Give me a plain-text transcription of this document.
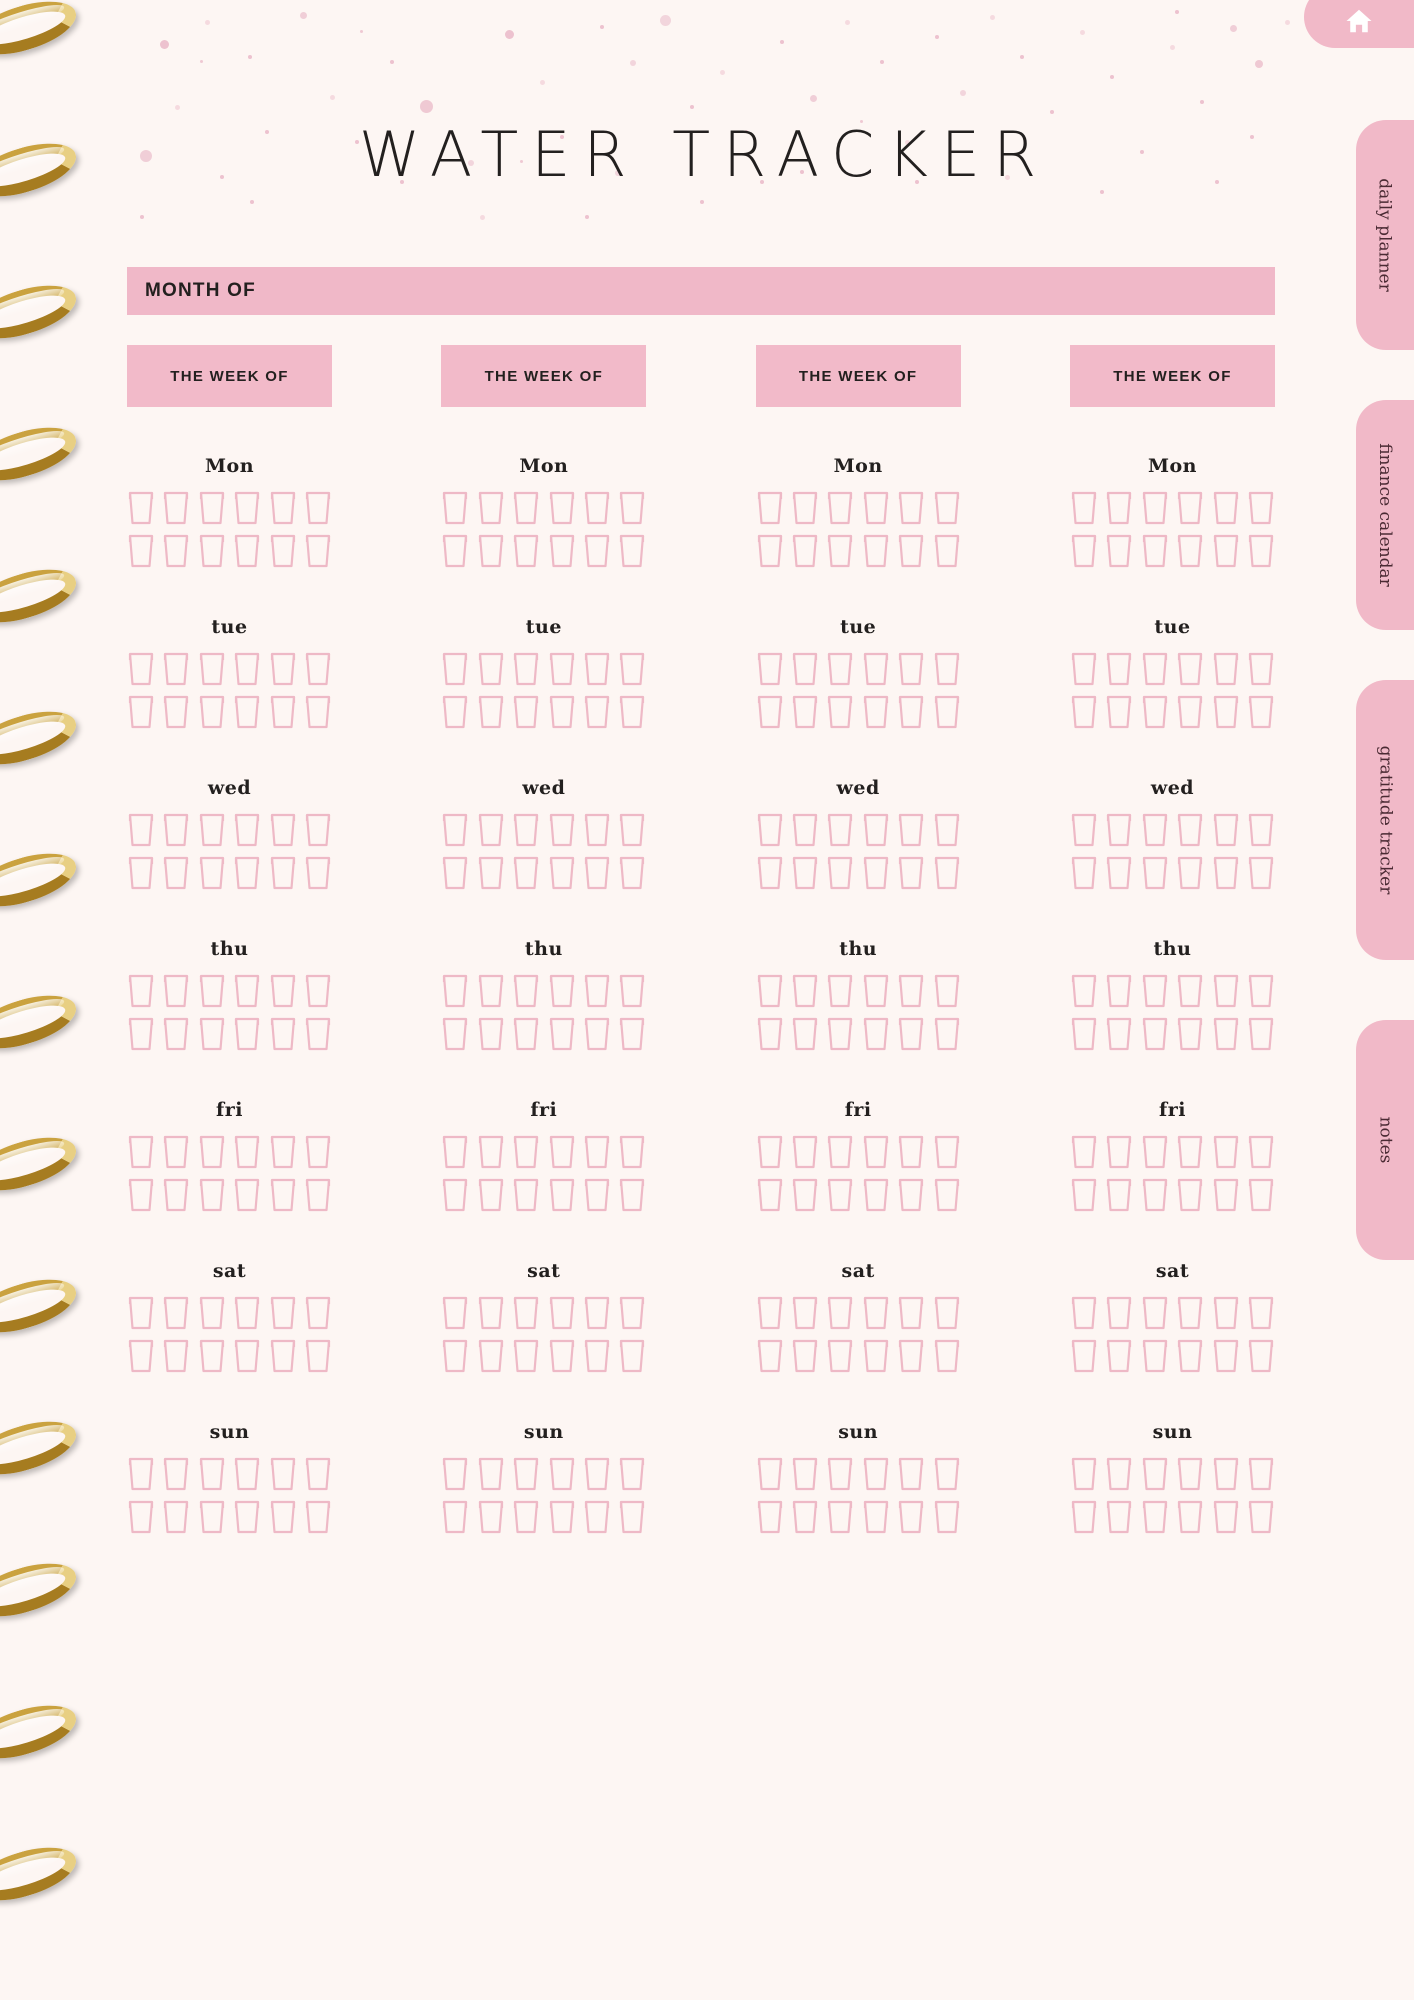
WATER TRACKER
MONTH OF
THE WEEK OF
Mon
tue
wed
thu
fri
sat
sun
THE WEEK OF
Mon
tue
wed
thu
fri
sat
sun
THE WEEK OF
Mon
tue
wed
thu
fri
sat
sun
THE WEEK OF
Mon
tue
wed
thu
fri
sat
sun
daily planner
finance calendar
gratitude tracker
notes
